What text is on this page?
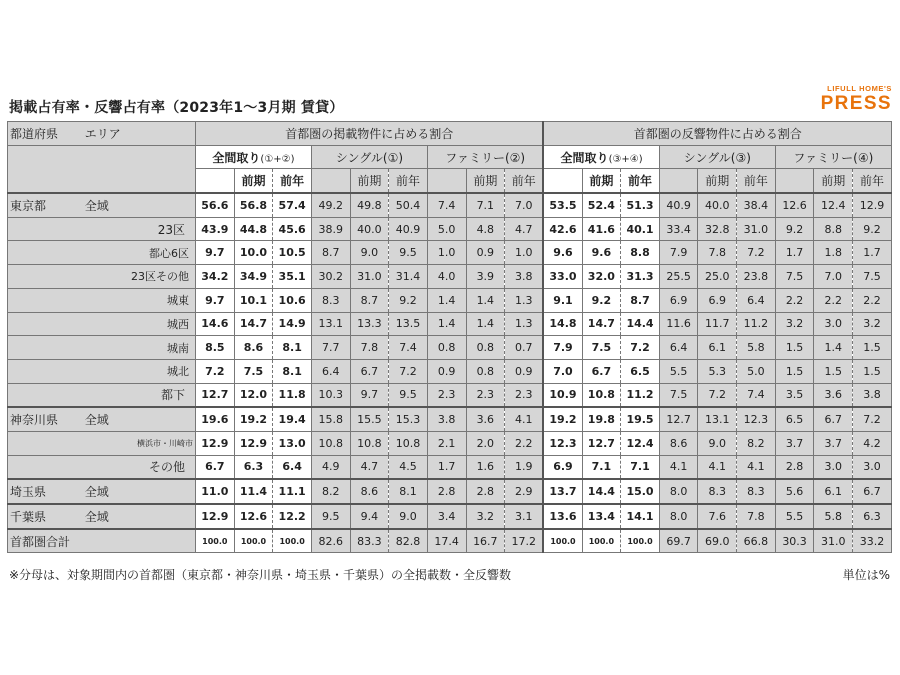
掲載占有率・反響占有率（2023年1～3月期 賃貸）
LIFULL HOME'S
PRESS
都道府県	エリア	首都圏の掲載物件に占める割合									首都圏の反響物件に占める割合								
		全間取り(①+②)			シングル(①)			ファミリー(②)			全間取り(③+④)			シングル(③)			ファミリー(④)		
			前期	前年		前期	前年		前期	前年		前期	前年		前期	前年		前期	前年
東京都	全域	56.6	56.8	57.4	49.2	49.8	50.4	7.4	7.1	7.0	53.5	52.4	51.3	40.9	40.0	38.4	12.6	12.4	12.9
	23区	43.9	44.8	45.6	38.9	40.0	40.9	5.0	4.8	4.7	42.6	41.6	40.1	33.4	32.8	31.0	9.2	8.8	9.2
	都心6区	9.7	10.0	10.5	8.7	9.0	9.5	1.0	0.9	1.0	9.6	9.6	8.8	7.9	7.8	7.2	1.7	1.8	1.7
	23区その他	34.2	34.9	35.1	30.2	31.0	31.4	4.0	3.9	3.8	33.0	32.0	31.3	25.5	25.0	23.8	7.5	7.0	7.5
	城東	9.7	10.1	10.6	8.3	8.7	9.2	1.4	1.4	1.3	9.1	9.2	8.7	6.9	6.9	6.4	2.2	2.2	2.2
	城西	14.6	14.7	14.9	13.1	13.3	13.5	1.4	1.4	1.3	14.8	14.7	14.4	11.6	11.7	11.2	3.2	3.0	3.2
	城南	8.5	8.6	8.1	7.7	7.8	7.4	0.8	0.8	0.7	7.9	7.5	7.2	6.4	6.1	5.8	1.5	1.4	1.5
	城北	7.2	7.5	8.1	6.4	6.7	7.2	0.9	0.8	0.9	7.0	6.7	6.5	5.5	5.3	5.0	1.5	1.5	1.5
	都下	12.7	12.0	11.8	10.3	9.7	9.5	2.3	2.3	2.3	10.9	10.8	11.2	7.5	7.2	7.4	3.5	3.6	3.8
神奈川県	全域	19.6	19.2	19.4	15.8	15.5	15.3	3.8	3.6	4.1	19.2	19.8	19.5	12.7	13.1	12.3	6.5	6.7	7.2
	横浜市・川崎市	12.9	12.9	13.0	10.8	10.8	10.8	2.1	2.0	2.2	12.3	12.7	12.4	8.6	9.0	8.2	3.7	3.7	4.2
	その他	6.7	6.3	6.4	4.9	4.7	4.5	1.7	1.6	1.9	6.9	7.1	7.1	4.1	4.1	4.1	2.8	3.0	3.0
埼玉県	全域	11.0	11.4	11.1	8.2	8.6	8.1	2.8	2.8	2.9	13.7	14.4	15.0	8.0	8.3	8.3	5.6	6.1	6.7
千葉県	全域	12.9	12.6	12.2	9.5	9.4	9.0	3.4	3.2	3.1	13.6	13.4	14.1	8.0	7.6	7.8	5.5	5.8	6.3
首都圏合計		100.0	100.0	100.0	82.6	83.3	82.8	17.4	16.7	17.2	100.0	100.0	100.0	69.7	69.0	66.8	30.3	31.0	33.2
※分母は、対象期間内の首都圏（東京都・神奈川県・埼玉県・千葉県）の全掲載数・全反響数	単位は%
